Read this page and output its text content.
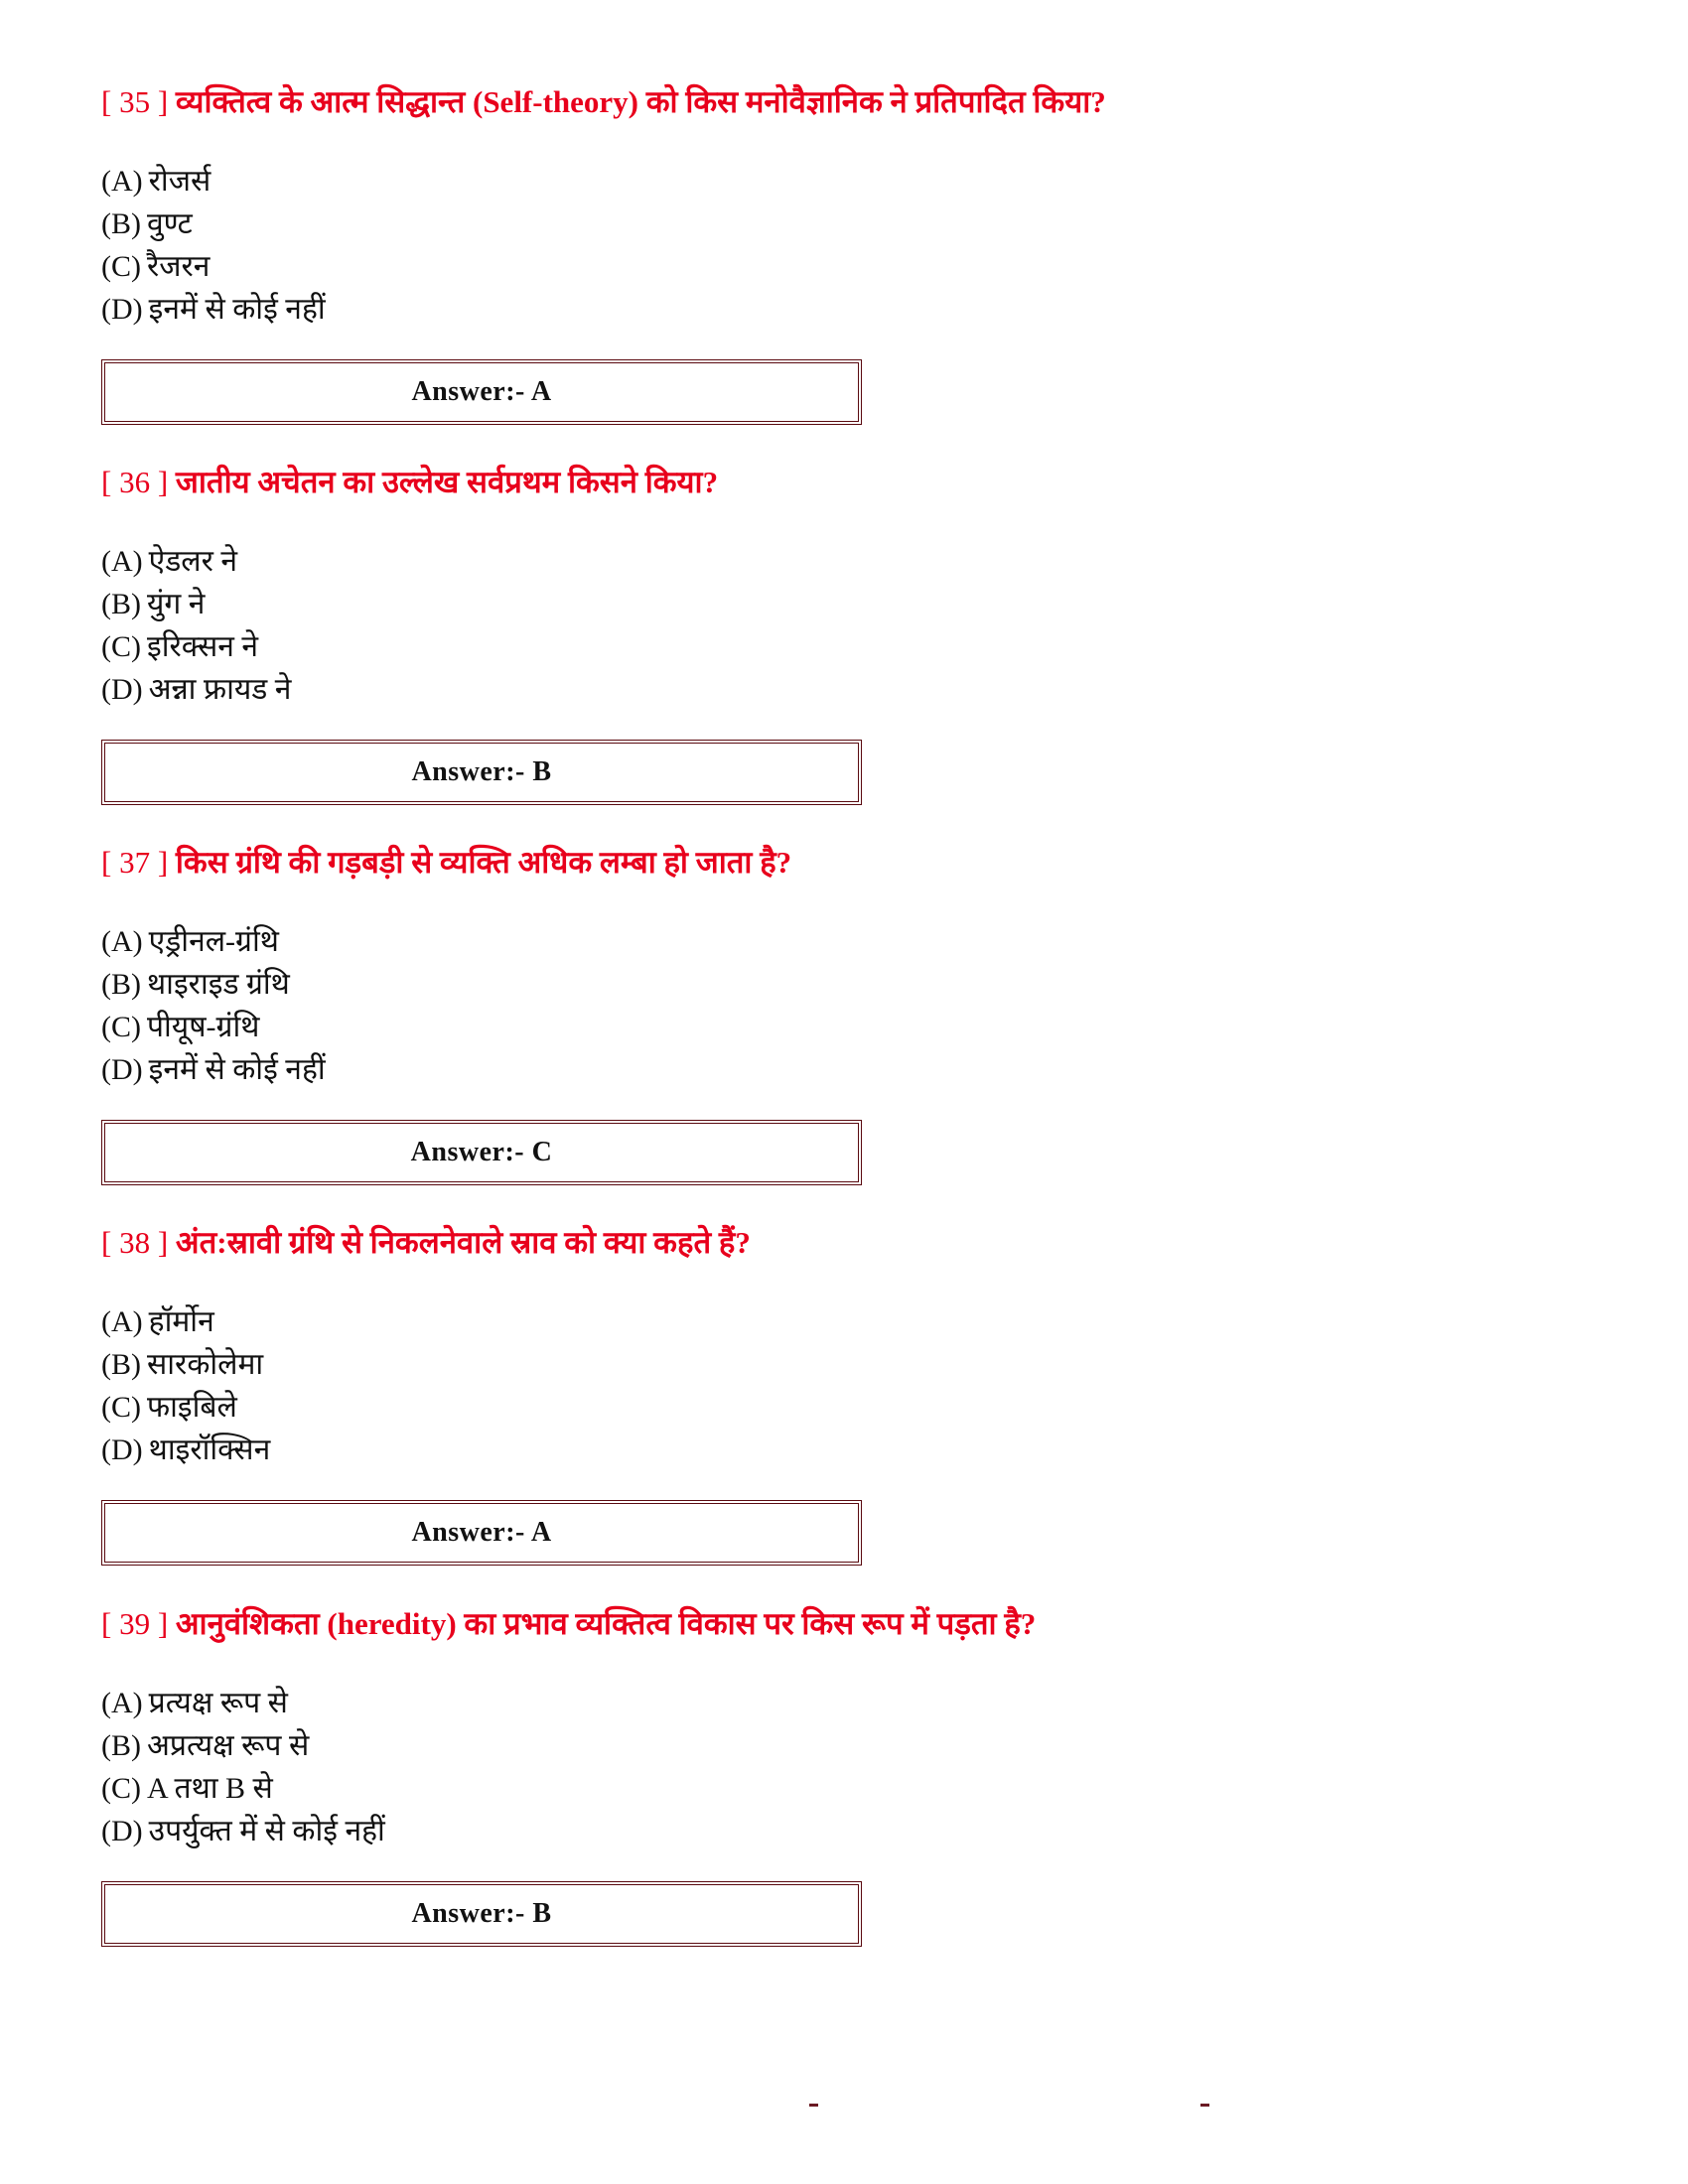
[ 35 ] व्यक्तित्व के आत्म सिद्धान्त (Self-theory) को किस मनोवैज्ञानिक ने प्रतिपादित किया?
(A) रोजर्स
(B) वुण्ट
(C) रैजरन
(D) इनमें से कोई नहीं
Answer:- A
[ 36 ] जातीय अचेतन का उल्लेख सर्वप्रथम किसने किया?
(A) ऐडलर ने
(B) युंग ने
(C) इरिक्सन ने
(D) अन्ना फ्रायड ने
Answer:- B
[ 37 ] किस ग्रंथि की गड़बड़ी से व्यक्ति अधिक लम्बा हो जाता है?
(A) एड्रीनल-ग्रंथि
(B) थाइराइड ग्रंथि
(C) पीयूष-ग्रंथि
(D) इनमें से कोई नहीं
Answer:- C
[ 38 ] अंत:स्रावी ग्रंथि से निकलनेवाले स्राव को क्या कहते हैं?
(A) हॉर्मोन
(B) सारकोलेमा
(C) फाइबिले
(D) थाइरॉक्सिन
Answer:- A
[ 39 ] आनुवंशिकता (heredity) का प्रभाव व्यक्तित्व विकास पर किस रूप में पड़ता है?
(A) प्रत्यक्ष रूप से
(B) अप्रत्यक्ष रूप से
(C) A तथा B से
(D) उपर्युक्त में से कोई नहीं
Answer:- B
